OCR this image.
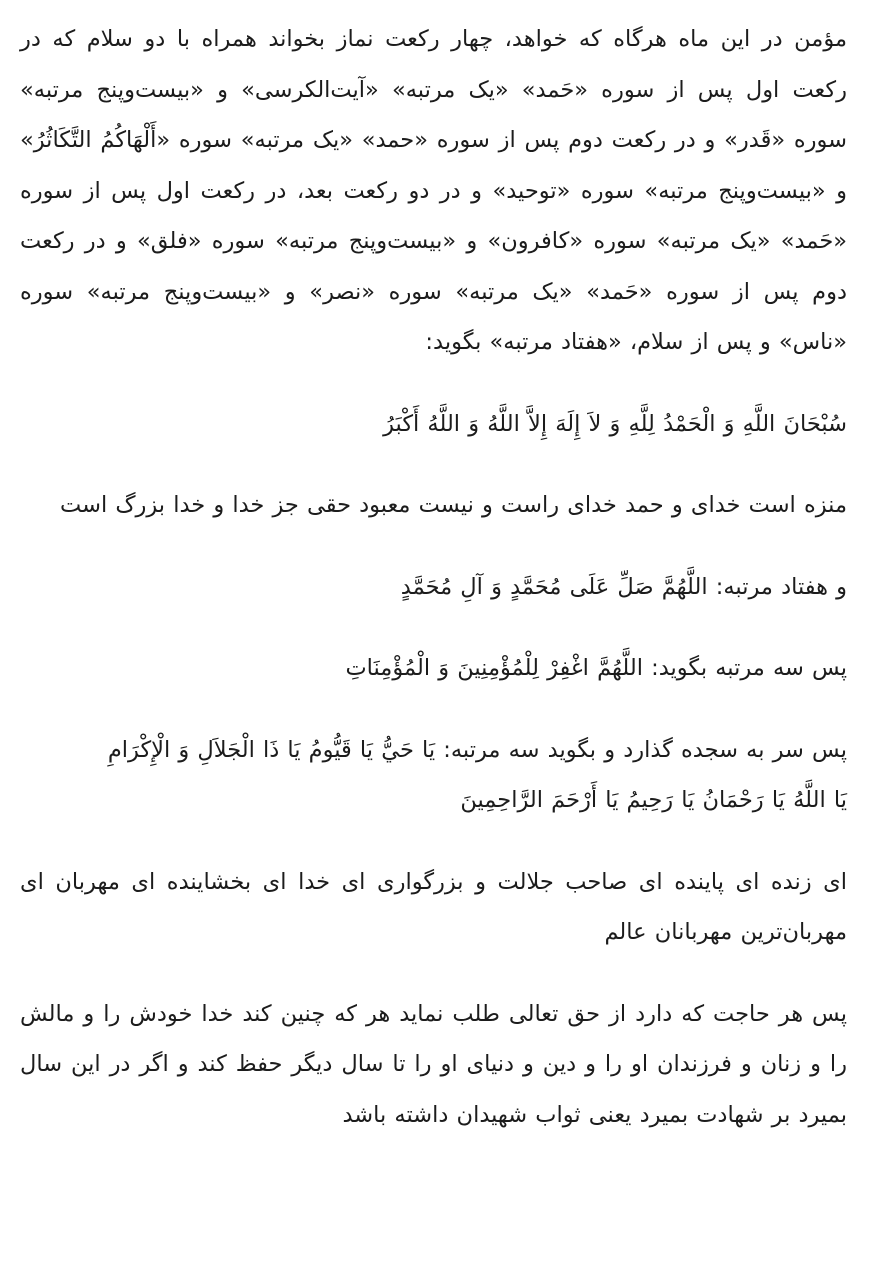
مؤمن در این ماه هرگاه که خواهد، چهار رکعت نماز بخواند همراه با دو سلام که در رکعت اول پس از سوره «حَمد» «یک مرتبه» «آیت‌الکرسی» و «بیست‌وپنج مرتبه» سوره «قَدر» و در رکعت دوم پس از سوره «حمد» «یک مرتبه» سوره «أَلْهَاكُمُ التَّكَاثُرُ» و «بیست‌وپنج مرتبه» سوره «توحید» و در دو رکعت بعد، در رکعت اول پس از سوره «حَمد» «یک مرتبه» سوره «کافرون» و «بیست‌وپنج مرتبه» سوره «فلق» و در رکعت دوم پس از سوره «حَمد» «یک مرتبه» سوره «نصر» و «بیست‌وپنج مرتبه» سوره «ناس» و پس از سلام، «هفتاد مرتبه» بگوید:

سُبْحَانَ اللَّهِ وَ الْحَمْدُ لِلَّهِ وَ لاَ إِلَهَ إِلاَّ اللَّهُ وَ اللَّهُ أَكْبَرُ

منزه است خدای و حمد خدای راست و نیست معبود حقی جز خدا و خدا بزرگ است

و هفتاد مرتبه: اللَّهُمَّ صَلِّ عَلَى مُحَمَّدٍ وَ آلِ مُحَمَّدٍ

پس سه مرتبه بگوید: اللَّهُمَّ اغْفِرْ لِلْمُؤْمِنِينَ وَ الْمُؤْمِنَاتِ

پس سر به سجده گذارد و بگوید سه مرتبه: يَا حَيُّ يَا قَيُّومُ يَا ذَا الْجَلاَلِ وَ الْإِكْرَامِ
يَا اللَّهُ يَا رَحْمَانُ يَا رَحِيمُ يَا أَرْحَمَ الرَّاحِمِينَ

ای زنده ای پاینده ای صاحب جلالت و بزرگواری ای خدا ای بخشاینده ای مهربان ای مهربان‌ترین مهربانان عالم

پس هر حاجت که دارد از حق تعالی طلب نماید هر که چنین کند خدا خودش را و مالش را و زنان و فرزندان او را و دین و دنیای او را تا سال دیگر حفظ کند و اگر در این سال بمیرد بر شهادت بمیرد یعنی ثواب شهیدان داشته باشد
